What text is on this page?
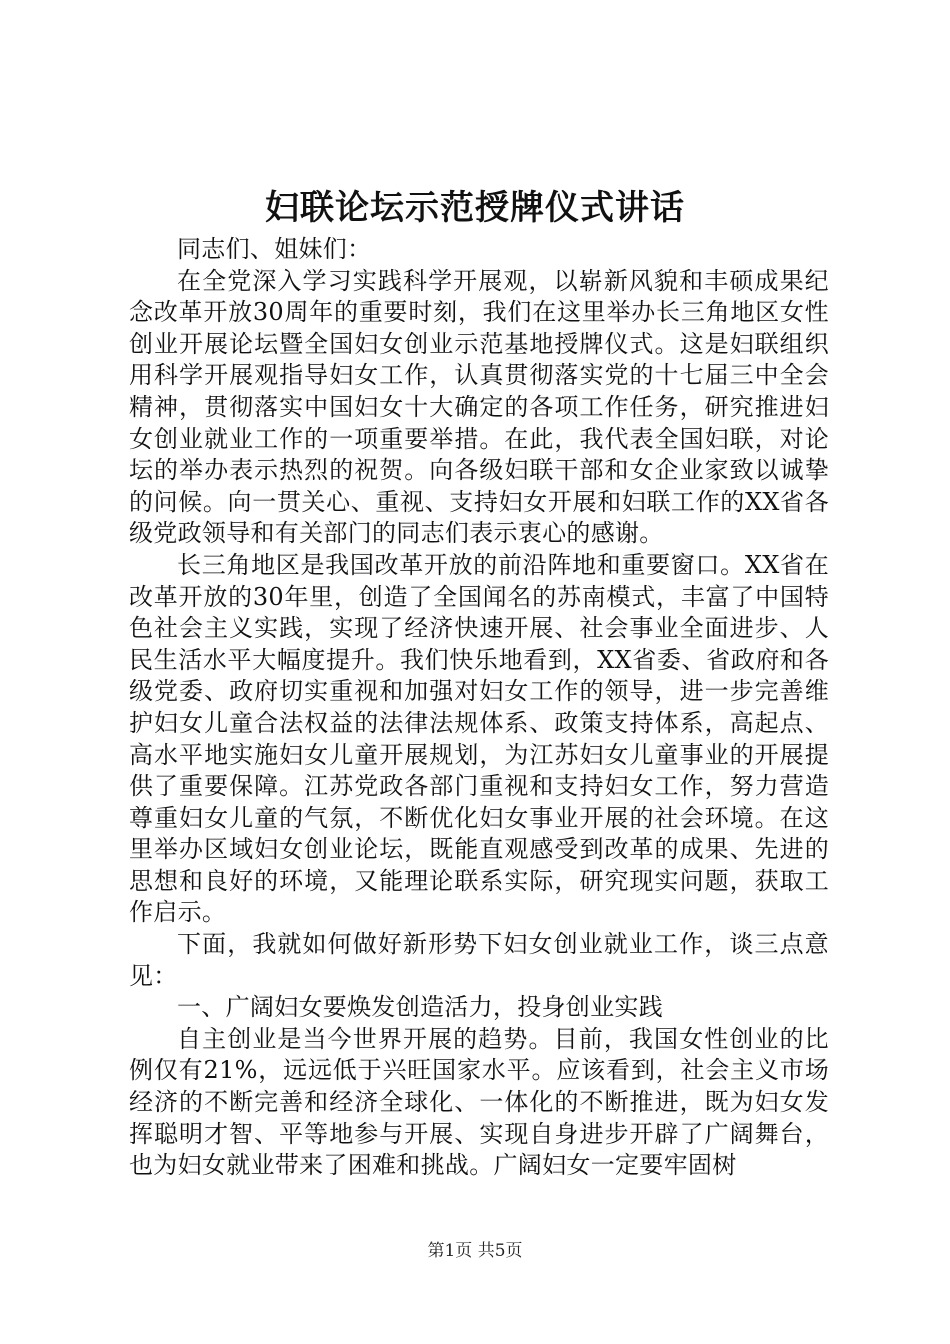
妇联论坛示范授牌仪式讲话

同志们、姐妹们：

在全党深入学习实践科学开展观，以崭新风貌和丰硕成果纪念改革开放30周年的重要时刻，我们在这里举办长三角地区女性创业开展论坛暨全国妇女创业示范基地授牌仪式。这是妇联组织用科学开展观指导妇女工作，认真贯彻落实党的十七届三中全会精神，贯彻落实中国妇女十大确定的各项工作任务，研究推进妇女创业就业工作的一项重要举措。在此，我代表全国妇联，对论坛的举办表示热烈的祝贺。向各级妇联干部和女企业家致以诚挚的问候。向一贯关心、重视、支持妇女开展和妇联工作的XX省各级党政领导和有关部门的同志们表示衷心的感谢。

长三角地区是我国改革开放的前沿阵地和重要窗口。XX省在改革开放的30年里，创造了全国闻名的苏南模式，丰富了中国特色社会主义实践，实现了经济快速开展、社会事业全面进步、人民生活水平大幅度提升。我们快乐地看到，XX省委、省政府和各级党委、政府切实重视和加强对妇女工作的领导，进一步完善维护妇女儿童合法权益的法律法规体系、政策支持体系，高起点、高水平地实施妇女儿童开展规划，为江苏妇女儿童事业的开展提供了重要保障。江苏党政各部门重视和支持妇女工作，努力营造尊重妇女儿童的气氛，不断优化妇女事业开展的社会环境。在这里举办区域妇女创业论坛，既能直观感受到改革的成果、先进的思想和良好的环境，又能理论联系实际，研究现实问题，获取工作启示。

下面，我就如何做好新形势下妇女创业就业工作，谈三点意见：

一、广阔妇女要焕发创造活力，投身创业实践

自主创业是当今世界开展的趋势。目前，我国女性创业的比例仅有21%，远远低于兴旺国家水平。应该看到，社会主义市场经济的不断完善和经济全球化、一体化的不断推进，既为妇女发挥聪明才智、平等地参与开展、实现自身进步开辟了广阔舞台，也为妇女就业带来了困难和挑战。广阔妇女一定要牢固树

第1页 共5页
